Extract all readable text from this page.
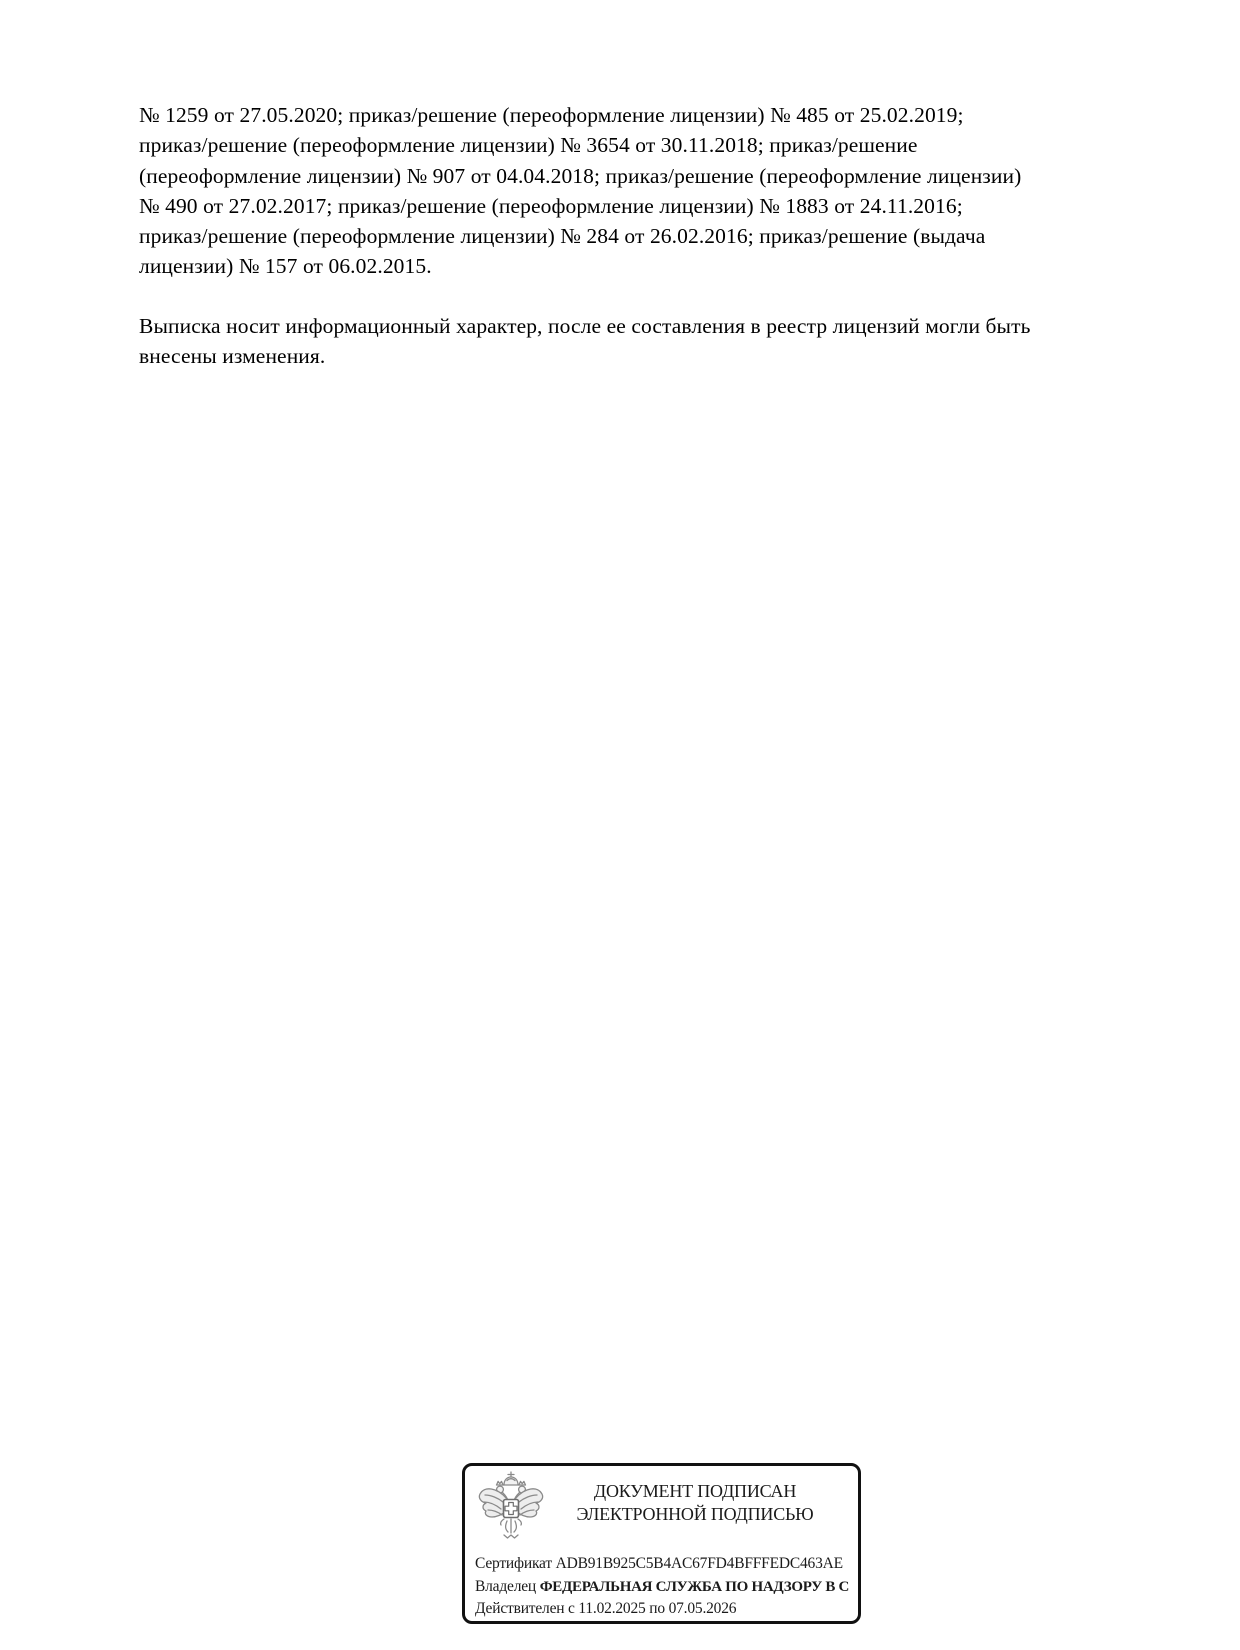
№ 1259 от 27.05.2020; приказ/решение (переоформление лицензии) № 485 от 25.02.2019;
приказ/решение (переоформление лицензии) № 3654 от 30.11.2018; приказ/решение
(переоформление лицензии) № 907 от 04.04.2018; приказ/решение (переоформление лицензии)
№ 490 от 27.02.2017; приказ/решение (переоформление лицензии) № 1883 от 24.11.2016;
приказ/решение (переоформление лицензии) № 284 от 26.02.2016; приказ/решение (выдача
лицензии) № 157 от 06.02.2015.
Выписка носит информационный характер, после ее составления в реестр лицензий могли быть
внесены изменения.
ДОКУМЕНТ ПОДПИСАН
ЭЛЕКТРОННОЙ ПОДПИСЬЮ
Сертификат ADB91B925C5B4AC67FD4BFFFEDC463AE
Владелец ФЕДЕРАЛЬНАЯ СЛУЖБА ПО НАДЗОРУ В С
Действителен с 11.02.2025 по 07.05.2026
